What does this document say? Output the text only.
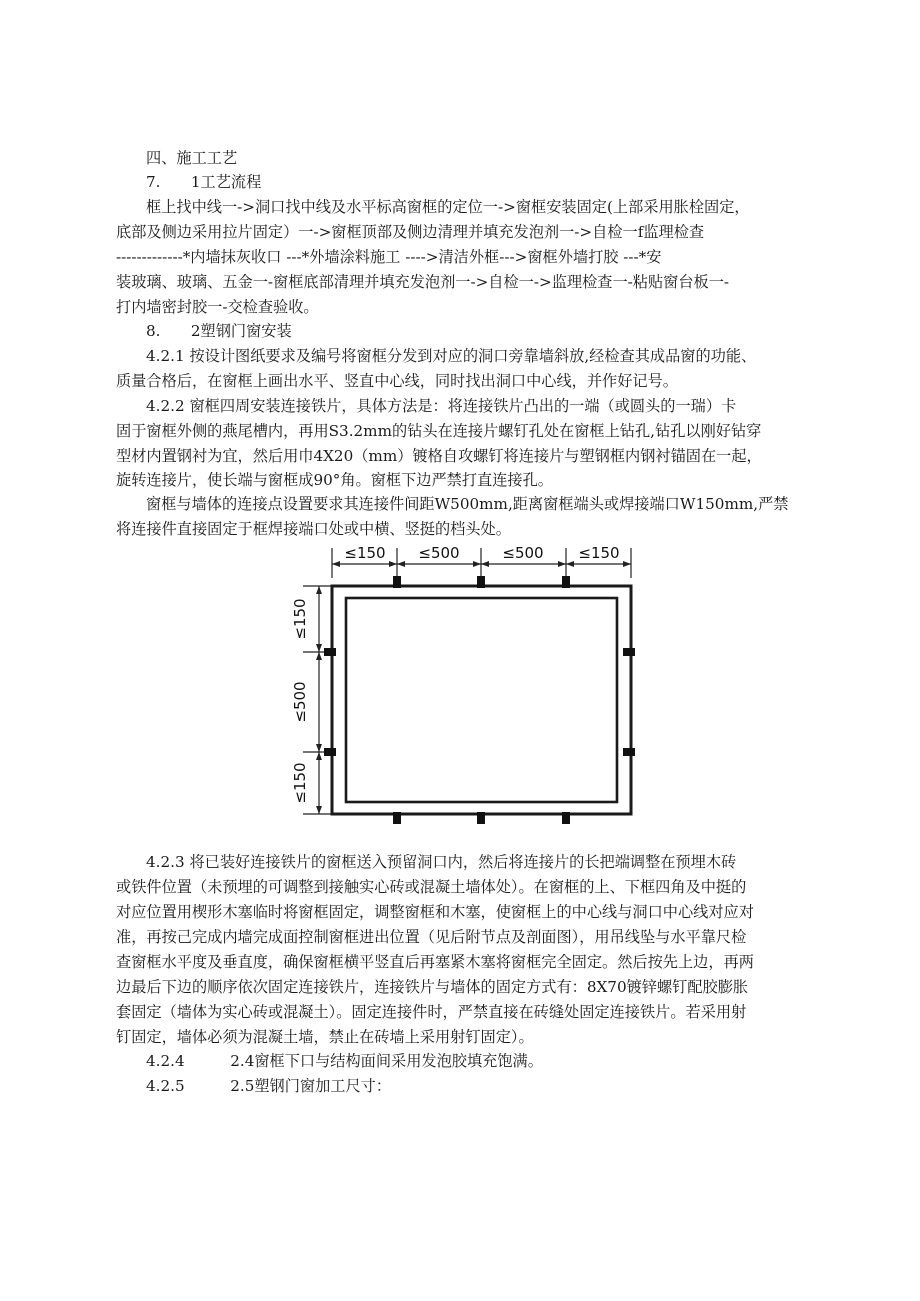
四、施工工艺
7.　　1工艺流程
框上找中线一->洞口找中线及水平标高窗框的定位一->窗框安装固定(上部采用胀栓固定，
底部及侧边采用拉片固定）一->窗框顶部及侧边清理并填充发泡剂一->自检一f监理检查
-------------*内墙抹灰收口 ---*外墙涂料施工 ---->清洁外框--->窗框外墙打胶 ---*安
装玻璃、玻璃、五金一-窗框底部清理并填充发泡剂一->自检一->监理检查一-粘贴窗台板一-
打内墙密封胶一-交检查验收。
8.　　2塑钢门窗安装
4.2.1 按设计图纸要求及编号将窗框分发到对应的洞口旁靠墙斜放,经检查其成品窗的功能、
质量合格后，在窗框上画出水平、竖直中心线，同时找出洞口中心线，并作好记号。
4.2.2 窗框四周安装连接铁片，具体方法是：将连接铁片凸出的一端（或圆头的一瑞）卡
固于窗框外侧的燕尾槽内，再用S3.2mm的钻头在连接片螺钉孔处在窗框上钻孔,钻孔以刚好钻穿
型材内置钢衬为宜，然后用巾4X20（mm）镀格自攻螺钉将连接片与塑钢框内钢衬锚固在一起，
旋转连接片，使长端与窗框成90°角。窗框下边严禁打直连接孔。
窗框与墙体的连接点设置要求其连接件间距W500mm,距离窗框端头或焊接端口W150mm,严禁
将连接件直接固定于框焊接端口处或中横、竖挺的档头处。
≤150 ≤500	≤500 ≤150
≤150
≤500
≤150
4.2.3 将已装好连接铁片的窗框送入预留洞口内，然后将连接片的长把端调整在预埋木砖
或铁件位置（未预埋的可调整到接触实心砖或混凝土墙体处）。在窗框的上、下框四角及中挺的
对应位置用楔形木塞临时将窗框固定，调整窗框和木塞，使窗框上的中心线与洞口中心线对应对
准，再按己完成内墙完成面控制窗框进出位置（见后附节点及剖面图），用吊线坠与水平靠尺检
查窗框水平度及垂直度，确保窗框横平竖直后再塞紧木塞将窗框完全固定。然后按先上边，再两
边最后下边的顺序依次固定连接铁片，连接铁片与墙体的固定方式有：8X70镀锌螺钉配胶膨胀
套固定（墙体为实心砖或混凝土）。固定连接件时，严禁直接在砖缝处固定连接铁片。若采用射
钉固定，墙体必须为混凝土墙，禁止在砖墙上采用射钉固定）。
4.2.4　　　2.4窗框下口与结构面间采用发泡胶填充饱满。
4.2.5　　　2.5塑钢门窗加工尺寸：
